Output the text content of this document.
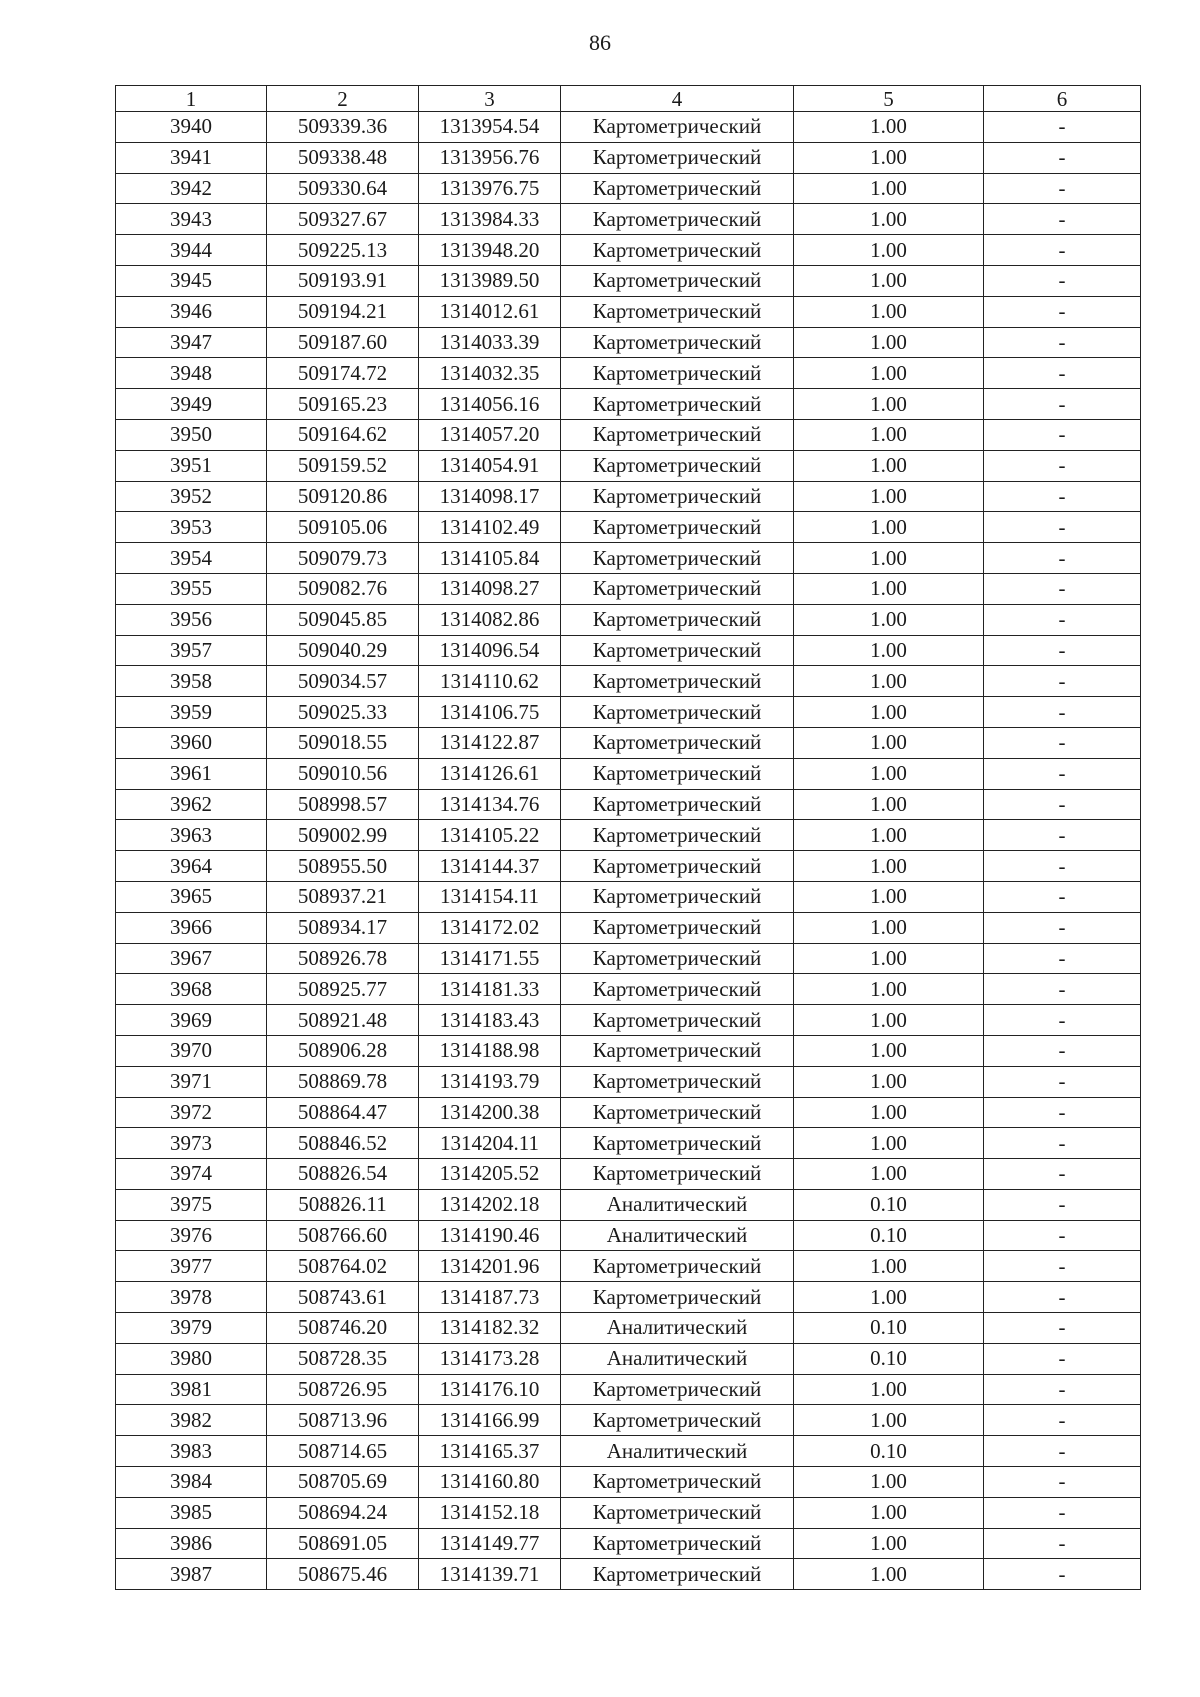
86
1	2	3	4	5	6
3940	509339.36	1313954.54	Картометрический	1.00	-
3941	509338.48	1313956.76	Картометрический	1.00	-
3942	509330.64	1313976.75	Картометрический	1.00	-
3943	509327.67	1313984.33	Картометрический	1.00	-
3944	509225.13	1313948.20	Картометрический	1.00	-
3945	509193.91	1313989.50	Картометрический	1.00	-
3946	509194.21	1314012.61	Картометрический	1.00	-
3947	509187.60	1314033.39	Картометрический	1.00	-
3948	509174.72	1314032.35	Картометрический	1.00	-
3949	509165.23	1314056.16	Картометрический	1.00	-
3950	509164.62	1314057.20	Картометрический	1.00	-
3951	509159.52	1314054.91	Картометрический	1.00	-
3952	509120.86	1314098.17	Картометрический	1.00	-
3953	509105.06	1314102.49	Картометрический	1.00	-
3954	509079.73	1314105.84	Картометрический	1.00	-
3955	509082.76	1314098.27	Картометрический	1.00	-
3956	509045.85	1314082.86	Картометрический	1.00	-
3957	509040.29	1314096.54	Картометрический	1.00	-
3958	509034.57	1314110.62	Картометрический	1.00	-
3959	509025.33	1314106.75	Картометрический	1.00	-
3960	509018.55	1314122.87	Картометрический	1.00	-
3961	509010.56	1314126.61	Картометрический	1.00	-
3962	508998.57	1314134.76	Картометрический	1.00	-
3963	509002.99	1314105.22	Картометрический	1.00	-
3964	508955.50	1314144.37	Картометрический	1.00	-
3965	508937.21	1314154.11	Картометрический	1.00	-
3966	508934.17	1314172.02	Картометрический	1.00	-
3967	508926.78	1314171.55	Картометрический	1.00	-
3968	508925.77	1314181.33	Картометрический	1.00	-
3969	508921.48	1314183.43	Картометрический	1.00	-
3970	508906.28	1314188.98	Картометрический	1.00	-
3971	508869.78	1314193.79	Картометрический	1.00	-
3972	508864.47	1314200.38	Картометрический	1.00	-
3973	508846.52	1314204.11	Картометрический	1.00	-
3974	508826.54	1314205.52	Картометрический	1.00	-
3975	508826.11	1314202.18	Аналитический	0.10	-
3976	508766.60	1314190.46	Аналитический	0.10	-
3977	508764.02	1314201.96	Картометрический	1.00	-
3978	508743.61	1314187.73	Картометрический	1.00	-
3979	508746.20	1314182.32	Аналитический	0.10	-
3980	508728.35	1314173.28	Аналитический	0.10	-
3981	508726.95	1314176.10	Картометрический	1.00	-
3982	508713.96	1314166.99	Картометрический	1.00	-
3983	508714.65	1314165.37	Аналитический	0.10	-
3984	508705.69	1314160.80	Картометрический	1.00	-
3985	508694.24	1314152.18	Картометрический	1.00	-
3986	508691.05	1314149.77	Картометрический	1.00	-
3987	508675.46	1314139.71	Картометрический	1.00	-
